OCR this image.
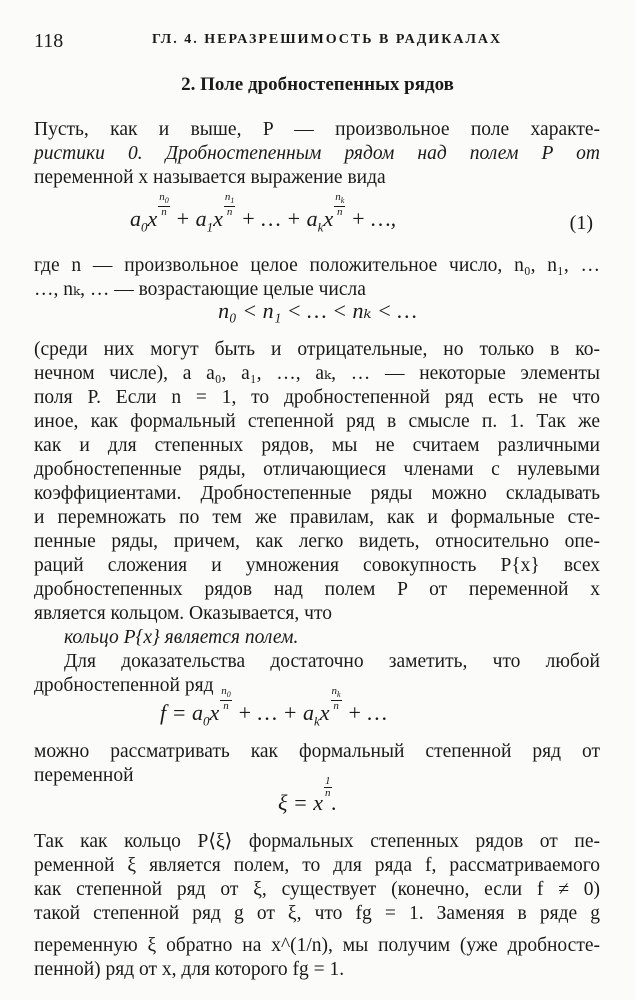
118	ГЛ. 4. НЕРАЗРЕШИМОСТЬ В РАДИКАЛАХ
2. Поле дробностепенных рядов
Пусть, как и выше, P — произвольное поле характе-
ристики 0. Дробностепенным рядом над полем P от
переменной x называется выражение вида
$a_0x$
$\frac{n_0}{n}$
+ $a_1x$
$\frac{n_1}{n}$
+ … + $a_kx$
$\frac{n_k}{n}$
+ …,	(1)
где n — произвольное целое положительное число, n₀, n₁, …
…, nₖ, … — возрастающие целые числа
n₀ < n₁ < … < nₖ < …
(среди них могут быть и отрицательные, но только в ко-
нечном числе), а a₀, a₁, …, aₖ, … — некоторые элементы
поля P. Если n = 1, то дробностепенной ряд есть не что
иное, как формальный степенной ряд в смысле п. 1. Так же
как и для степенных рядов, мы не считаем различными
дробностепенные ряды, отличающиеся членами с нулевыми
коэффициентами. Дробностепенные ряды можно складывать
и перемножать по тем же правилам, как и формальные сте-
пенные ряды, причем, как легко видеть, относительно опе-
раций сложения и умножения совокупность P{x} всех
дробностепенных рядов над полем P от переменной x
является кольцом. Оказывается, что
кольцо P{x} является полем.
Для доказательства достаточно заметить, что любой
дробностепенной ряд
$f = a_0x$
$\frac{n_0}{n}$
+ … + $a_kx$
$\frac{n_k}{n}$
+ …
можно рассматривать как формальный степенной ряд от
переменной
ξ = x
$\frac{1}{n}$
.
Так как кольцо P⟨ξ⟩ формальных степенных рядов от пе-
ременной ξ является полем, то для ряда f, рассматриваемого
как степенной ряд от ξ, существует (конечно, если f ≠ 0)
такой степенной ряд g от ξ, что fg = 1. Заменяя в ряде g
переменную ξ обратно на x^(1/n), мы получим (уже дробносте-
пенной) ряд от x, для которого fg = 1.
